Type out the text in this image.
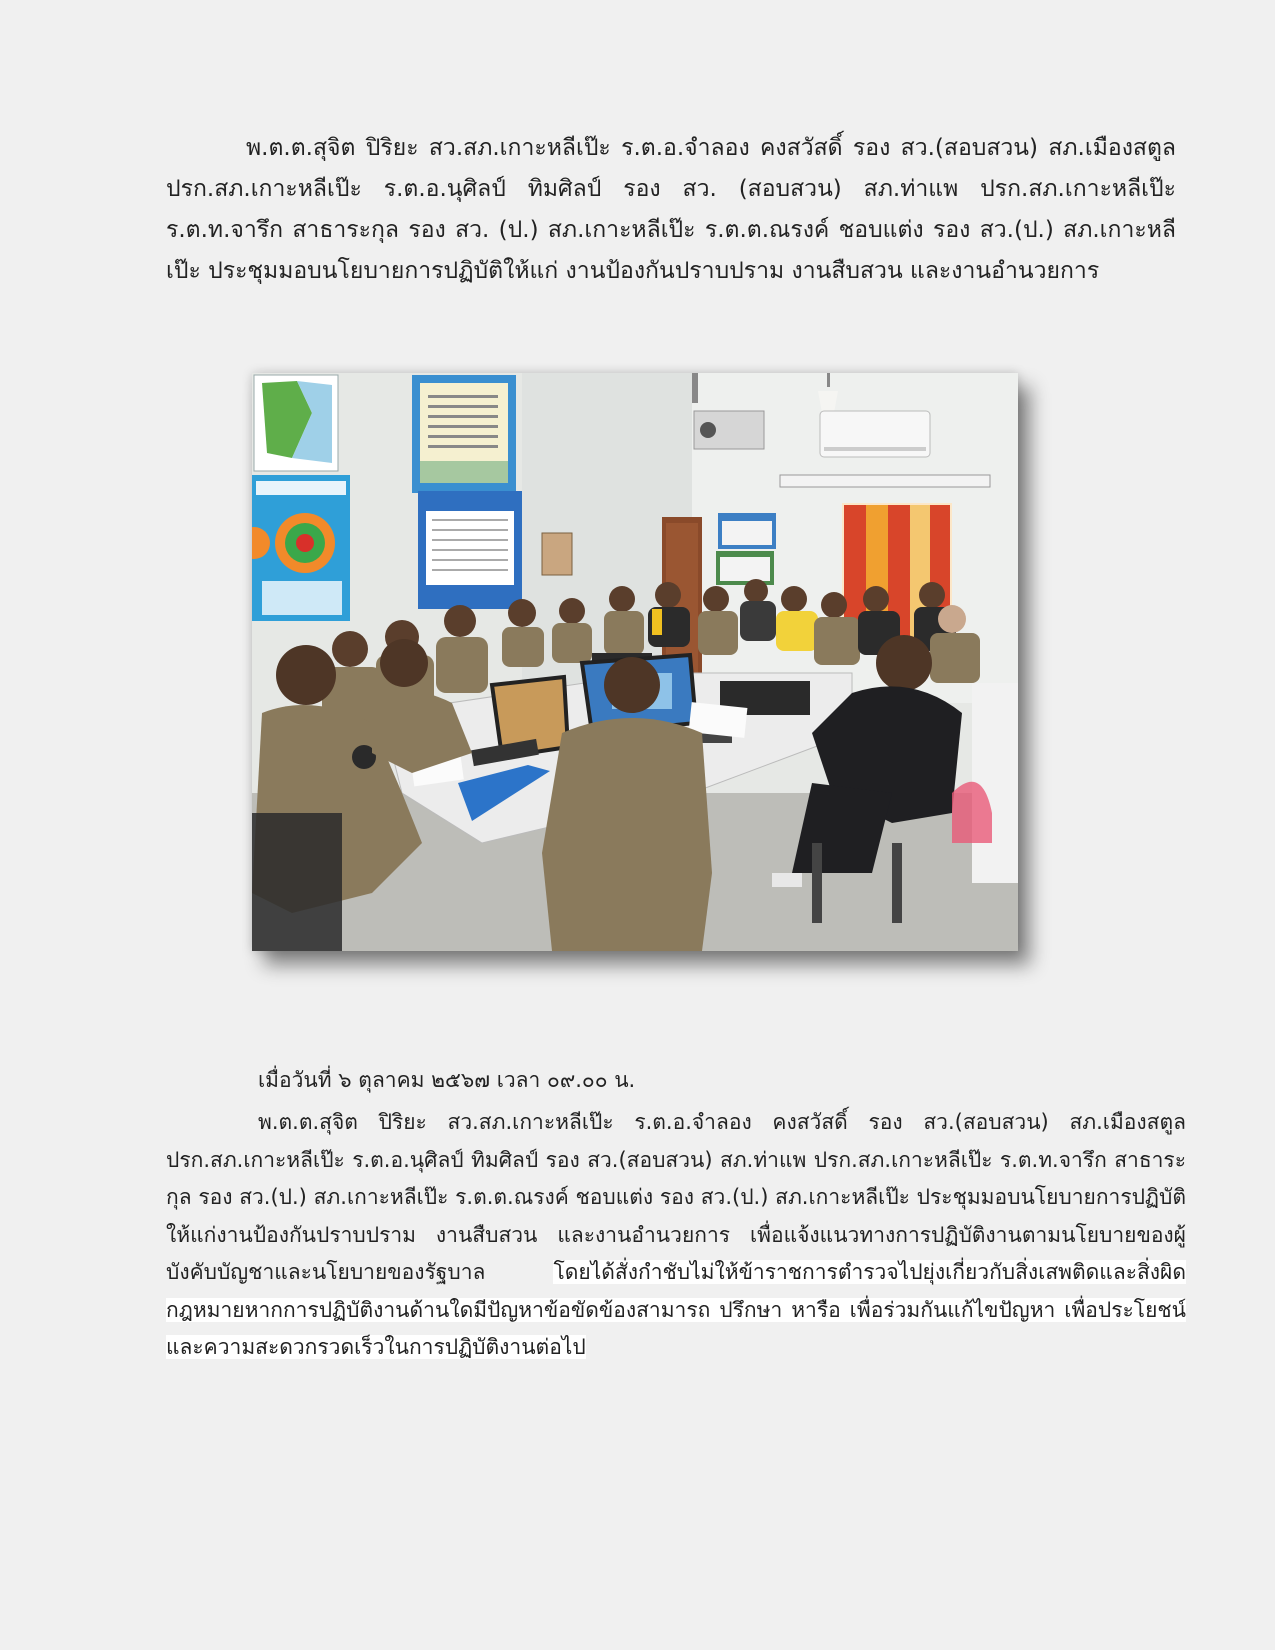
พ.ต.ต.สุจิต ปิริยะ สว.สภ.เกาะหลีเป๊ะ ร.ต.อ.จำลอง คงสวัสดิ์ รอง สว.(สอบสวน) สภ.เมืองสตูล ปรก.สภ.เกาะหลีเป๊ะ ร.ต.อ.นุศิลป์ ทิมศิลป์ รอง สว. (สอบสวน) สภ.ท่าแพ ปรก.สภ.เกาะหลีเป๊ะ ร.ต.ท.จารึก สาธาระกุล รอง สว. (ป.) สภ.เกาะหลีเป๊ะ ร.ต.ต.ณรงค์ ชอบแต่ง รอง สว.(ป.) สภ.เกาะหลีเป๊ะ ประชุมมอบนโยบายการปฏิบัติให้แก่ งานป้องกันปราบปราม งานสืบสวน และงานอำนวยการ

เมื่อวันที่ ๖ ตุลาคม ๒๕๖๗ เวลา ๐๙.๐๐ น.

พ.ต.ต.สุจิต ปิริยะ สว.สภ.เกาะหลีเป๊ะ ร.ต.อ.จำลอง คงสวัสดิ์ รอง สว.(สอบสวน) สภ.เมืองสตูล ปรก.สภ.เกาะหลีเป๊ะ ร.ต.อ.นุศิลป์ ทิมศิลป์ รอง สว.(สอบสวน) สภ.ท่าแพ ปรก.สภ.เกาะหลีเป๊ะ ร.ต.ท.จารึก สาธาระกุล รอง สว.(ป.) สภ.เกาะหลีเป๊ะ ร.ต.ต.ณรงค์ ชอบแต่ง รอง สว.(ป.) สภ.เกาะหลีเป๊ะ ประชุมมอบนโยบายการปฏิบัติให้แก่งานป้องกันปราบปราม งานสืบสวน และงานอำนวยการ เพื่อแจ้งแนวทางการปฏิบัติงานตามนโยบายของผู้บังคับบัญชาและนโยบายของรัฐบาล โดยได้สั่งกำชับไม่ให้ข้าราชการตำรวจไปยุ่งเกี่ยวกับสิ่งเสพติดและสิ่งผิดกฎหมายหากการปฏิบัติงานด้านใดมีปัญหาข้อขัดข้องสามารถ ปรึกษา หารือ เพื่อร่วมกันแก้ไขปัญหา เพื่อประโยชน์ และความสะดวกรวดเร็วในการปฏิบัติงานต่อไป
